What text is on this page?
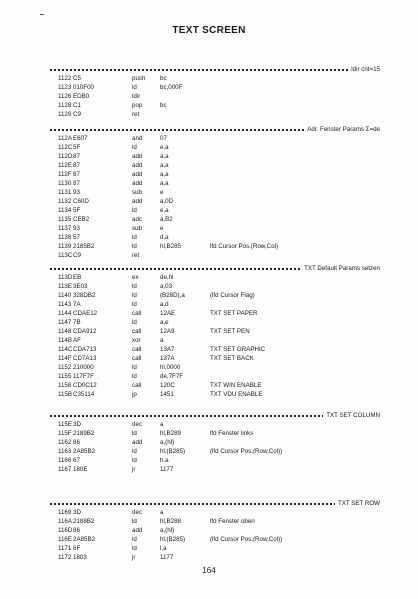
TEXT SCREEN
ldir cnt=15
1122 C5	push bc
1123 010F00	ld	bc,000F
1126 EDB0	ldir
1128 C1	pop	bc
1129 C9	ret
Adr. Fenster Params Σ=de
112A E607	and	07
112C 5F	ld	e,a
112D 87	add	a,a
112E 87	add	a,a
112F 87	add	a,a
1130 87	add	a,a
1131 93	sub	e
1132 C60D	add	a,0D
1134 5F	ld	e,a
1135 CEB2	adc	a,B2
1137 93	sub	e
1138 57	ld	d,a
1139 2185B2	ld	hl,B285	lfd Cursor Pos.(Row,Col)
113C C9	ret
TXT Default Params setzen
113D EB	ex	de,hl
113E 3E03	ld	a,03
1140 328DB2	ld	(B28D),a	(lfd Cursor Flag)
1143 7A	ld	a,d
1144 CDAE12	call	12AE	TXT SET PAPER
1147 7B	ld	a,e
1148 CDA912	call	12A9	TXT SET PEN
114B AF	xor	a
114C CDA713	call	13A7	TXT SET GRAPHIC
114F CD7A13	call	137A	TXT SET BACK
1152 210000	ld	hl,0000
1155 117F7F	ld	de,7F7F
1158 CD0C12	call	120C	TXT WIN ENABLE
115B C35114	jp	1451	TXT VDU ENABLE
TXT SET COLUMN
115E 3D	dec	a
115F 2189B2	ld	hl,B289	lfd Fenster links
1162 86	add	a,(hl)
1163 2A85B2	ld	hl,(B285)	(lfd Cursor Pos.(Row,Col))
1166 67	ld	h,a
1167 180E	jr	1177
TXT SET ROW
1169 3D	dec	a
116A 2188B2	ld	hl,B288	lfd Fenster oben
116D 86	add	a,(hl)
116E 2A85B2	ld	hl,(B285)	(lfd Cursor Pos.(Row,Col))
1171 6F	ld	l,a
1172 1803	jr	1177
164
